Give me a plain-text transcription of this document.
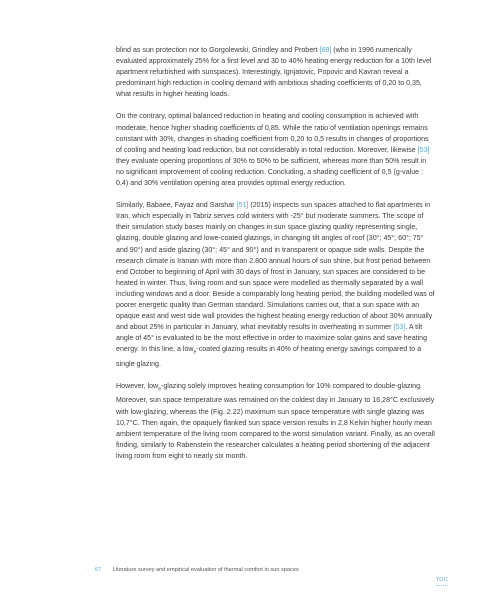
blind as sun protection nor to Gorgolewski, Grindley and Probert [69] (who in 1996 numerically evaluated approximately 25% for a first level and 30 to 40% heating energy reduction for a 10th level apartment refurbished with sunspaces). Interestingly, Ignjatovic, Popovic and Kavran reveal a predominant high reduction in cooling demand with ambitious shading coefficients of 0,20 to 0,35, what results in higher heating loads.

On the contrary, optimal balanced reduction in heating and cooling consumption is achieved with moderate, hence higher shading coefficients of 0,85. While the ratio of ventilation openings remains constant with 30%, changes in shading coefficient from 0,20 to 0,5 results in changes of proportions of cooling and heating load reduction, but not considerably in total reduction. Moreover, likewise [53] they evaluate opening proportions of 30% to 50% to be sufficient, whereas more than 50% result in no significant improvement of cooling reduction. Concluding, a shading coefficient of 0,5 (g-value : 0,4) and 30% ventilation opening area provides optimal energy reduction.

Similarly, Babaee, Fayaz and Sarshar [51] (2015) inspects sun spaces attached to flat apartments in Iran, which especially in Tabriz serves cold winters with -25° but moderate summers. The scope of their simulation study bases mainly on changes in sun space glazing quality representing single, glazing, double glazing and lowe-coated glazings, in changing tilt angles of roof (30°; 45°; 60°; 75° and 90°) and aside glazing (30°; 45° and 90°) and in transparent or opaque side walls. Despite the research climate is Iranian with more than 2.800 annual hours of sun shine, but frost period between end October to beginning of April with 30 days of frost in January, sun spaces are considered to be heated in winter. Thus, living room and sun space were modelled as thermally separated by a wall including windows and a door. Beside a comparably long heating period, the building modelled was of poorer energetic quality than German standard. Simulations carries out, that a sun space with an opaque east and west side wall provides the highest heating energy reduction of about 30% annually and about 25% in particular in January, what inevitably results in overheating in summer [53]. A tilt angle of 45° is evaluated to be the most effective in order to maximize solar gains and save heating energy. In this line, a low$_e$-coated glazing results in 40% of heating energy savings compared to a single glazing.

However, low$_e$-glazing solely improves heating consumption for 10% compared to double-glazing. Moreover, sun space temperature was remained on the coldest day in January to 16,28°C exclusively with low-glazing, whereas the (Fig. 2.22) maximum sun space temperature with single glazing was 10,7°C. Then again, the opaquely flanked sun space version results in 2,8 Kelvin higher hourly mean ambient temperature of the living room compared to the worst simulation variant. Finally, as an overall finding, similarly to Rabenstein the researcher calculates a heating period shortening of the adjacent living room from eight to nearly six month.

67 Literature survey and empirical evaluation of thermal comfort in sun spaces
TOC
